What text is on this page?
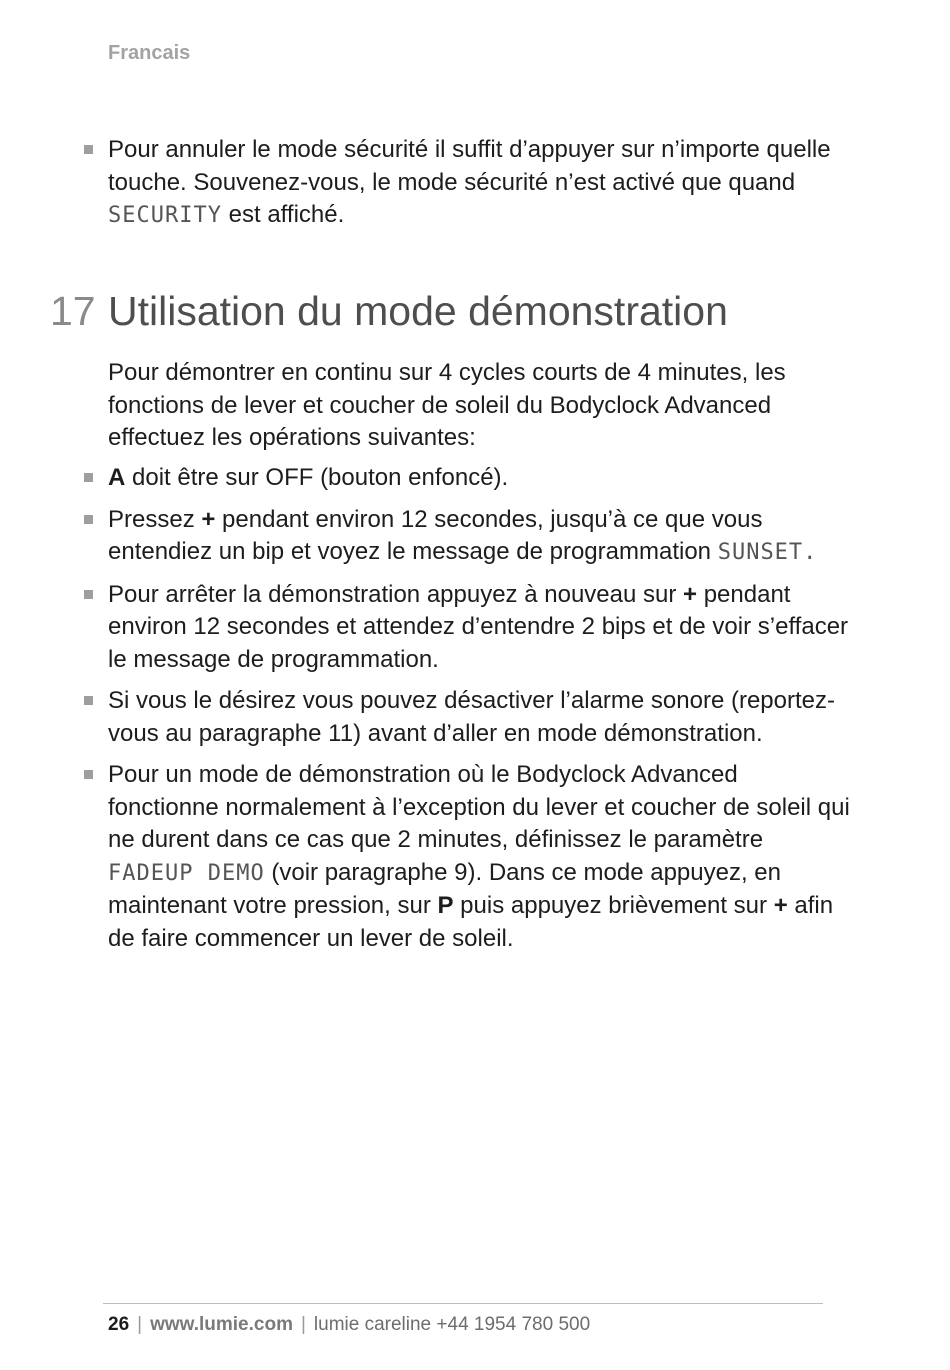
Francais
Pour annuler le mode sécurité il suffit d’appuyer sur n’importe quelle touche. Souvenez-vous, le mode sécurité n’est activé que quand SECURITY est affiché.
17 Utilisation du mode démonstration

Pour démontrer en continu sur 4 cycles courts de 4 minutes, les fonctions de lever et coucher de soleil du Bodyclock Advanced effectuez les opérations suivantes:

A doit être sur OFF (bouton enfoncé).
Pressez + pendant environ 12 secondes, jusqu’à ce que vous entendiez un bip et voyez le message de programmation SUNSET.
Pour arrêter la démonstration appuyez à nouveau sur + pendant environ 12 secondes et attendez d’entendre 2 bips et de voir s’effacer le message de programmation.
Si vous le désirez vous pouvez désactiver l’alarme sonore (reportez-vous au paragraphe 11) avant d’aller en mode démonstration.
Pour un mode de démonstration où le Bodyclock Advanced fonctionne normalement à l’exception du lever et coucher de soleil qui ne durent dans ce cas que 2 minutes, définissez le paramètre FADEUP DEMO (voir paragraphe 9). Dans ce mode appuyez, en maintenant votre pression, sur P puis appuyez brièvement sur + afin de faire commencer un lever de soleil.
26 | www.lumie.com | lumie careline +44 1954 780 500
